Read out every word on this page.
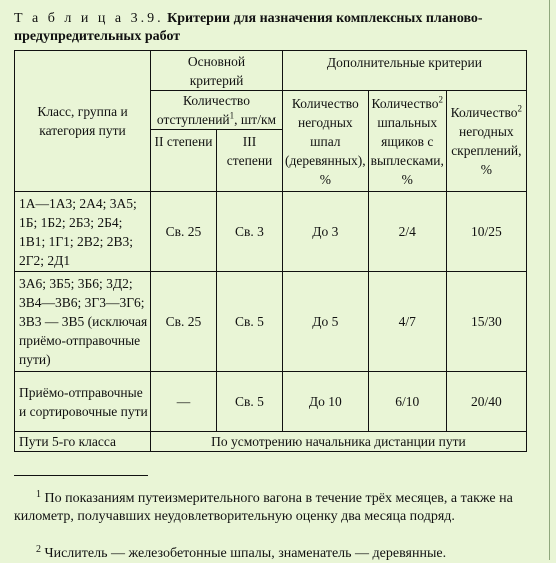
Т а б л и ц а 3.9. Критерии для назначения комплексных планово-предупредительных работ
Класс, группа и категория пути	Основной критерий		Дополнительные критерии		
	Количество отступлений$^1$, шт/км		Количество негодных шпал (деревянных), %	Количество$^2$ шпальных ящиков с выплесками, %	Количество$^2$ негодных скреплений, %
	II степени	III степени			
1А—1А3; 2А4; 3А5; 1Б; 1Б2; 2Б3; 2Б4; 1В1; 1Г1; 2В2; 2В3; 2Г2; 2Д1	Св. 25	Св. 3	До 3	2/4	10/25
3А6; 3Б5; 3Б6; 3Д2; 3В4—3В6; 3Г3—3Г6; 3В3 — 3В5 (исключая приёмо-отправочные пути)	Св. 25	Св. 5	До 5	4/7	15/30
Приёмо-отправочные и сортировочные пути	—	Св. 5	До 10	6/10	20/40
Пути 5-го класса	По усмотрению начальника дистанции пути				
$^1$ По показаниям путеизмерительного вагона в течение трёх месяцев, а также на километр, получавших неудовлетворительную оценку два месяца подряд.
$^2$ Числитель — железобетонные шпалы, знаменатель — деревянные.
